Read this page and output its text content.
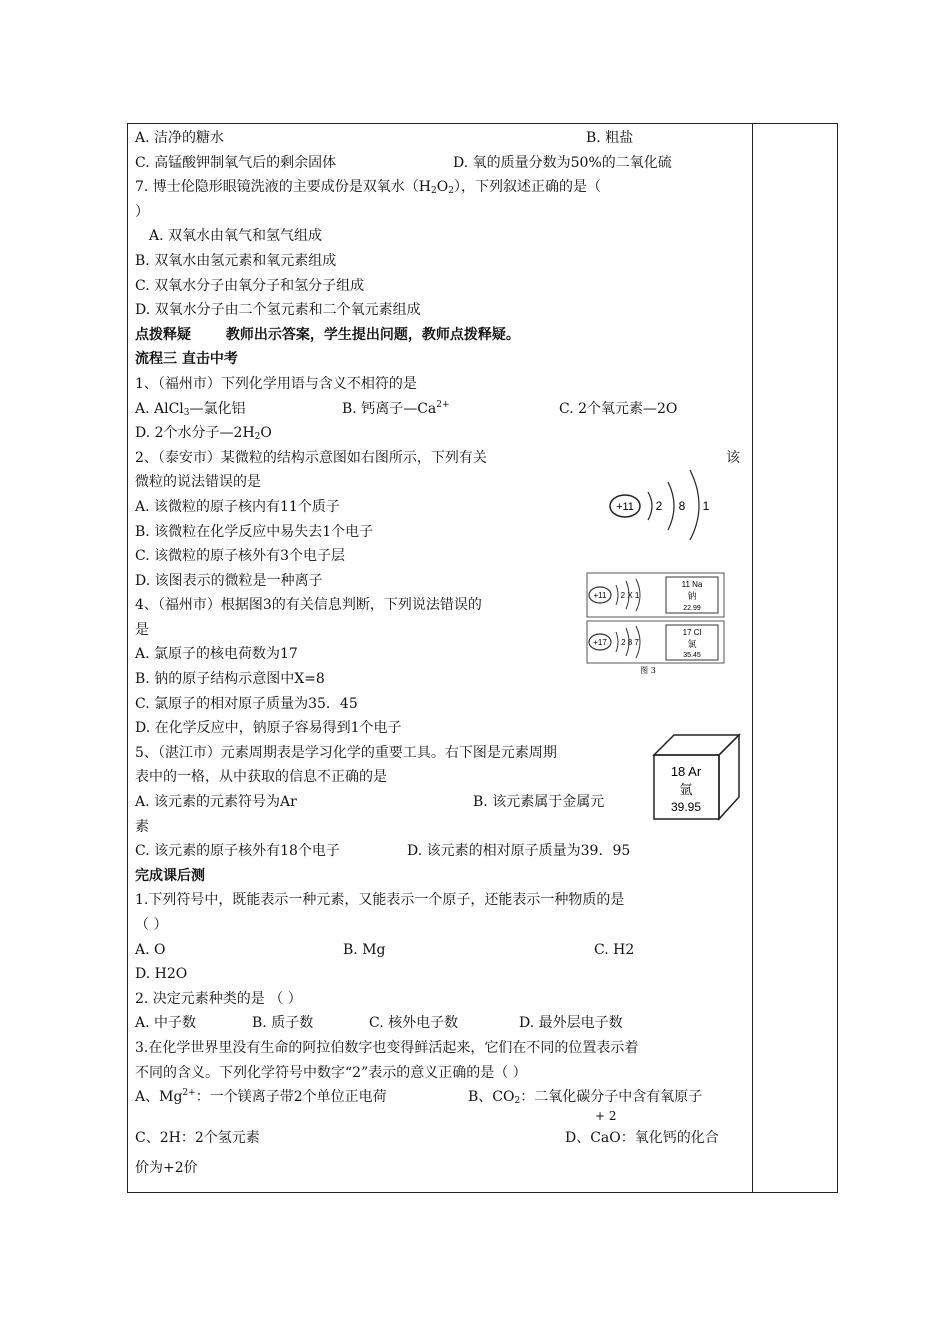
A. 洁净的糖水	B. 粗盐
C. 高锰酸钾制氧气后的剩余固体	D. 氧的质量分数为50%的二氧化硫
7. 博士伦隐形眼镜洗液的主要成份是双氧水$(H_2O_2)$，下列叙述正确的是（
）
A. 双氧水由氧气和氢气组成
B. 双氧水由氢元素和氧元素组成
C. 双氧水分子由氧分子和氢分子组成
D. 双氧水分子由二个氢元素和二个氧元素组成
点拨释疑 教师出示答案，学生提出问题，教师点拨释疑。
流程三 直击中考
1、（福州市）下列化学用语与含义不相符的是
A. AlCl$_3$—氯化铝	B. 钙离子$—Ca^{2+}$	C. 2个氧元素—2O
D. 2个水分子$—2H_2O$
2、（泰安市）某微粒的结构示意图如右图所示，下列有关	该
微粒的说法错误的是
A. 该微粒的原子核内有11个质子
B. 该微粒在化学反应中易失去1个电子
C. 该微粒的原子核外有3个电子层
D. 该图表示的微粒是一种离子
4、（福州市）根据图3的有关信息判断，下列说法错误的
是
A. 氯原子的核电荷数为17
B. 钠的原子结构示意图中X=8
C. 氯原子的相对原子质量为35．45
D. 在化学反应中，钠原子容易得到1个电子
5、（湛江市）元素周期表是学习化学的重要工具。右下图是元素周期
表中的一格，从中获取的信息不正确的是
A. 该元素的元素符号为Ar	B. 该元素属于金属元
素
C. 该元素的原子核外有18个电子	D. 该元素的相对原子质量为39．95
完成课后测
1.下列符号中，既能表示一种元素，又能表示一个原子，还能表示一种物质的是
（ ）
A. O	B. Mg	C. H2
D. H2O
2. 决定元素种类的是 （ ）
A. 中子数	B. 质子数	C. 核外电子数	D. 最外层电子数
3.在化学世界里没有生命的阿拉伯数字也变得鲜活起来，它们在不同的位置表示着
不同的含义。下列化学符号中数字“2”表示的意义正确的是（ ）
A、$Mg^{2+}$：一个镁离子带2个单位正电荷	B、$CO_2$：二氧化碳分子中含有氧原子
+ 2
C、2H：2个氢元素	D、CaO：氧化钙的化合
价为+2价
+11 2 8 1
+11 2 X 1
11 Na
钠
22.99
+17 2 8 7
17 Cl
氯
35.45
图 3
18 Ar
氩
39.95
